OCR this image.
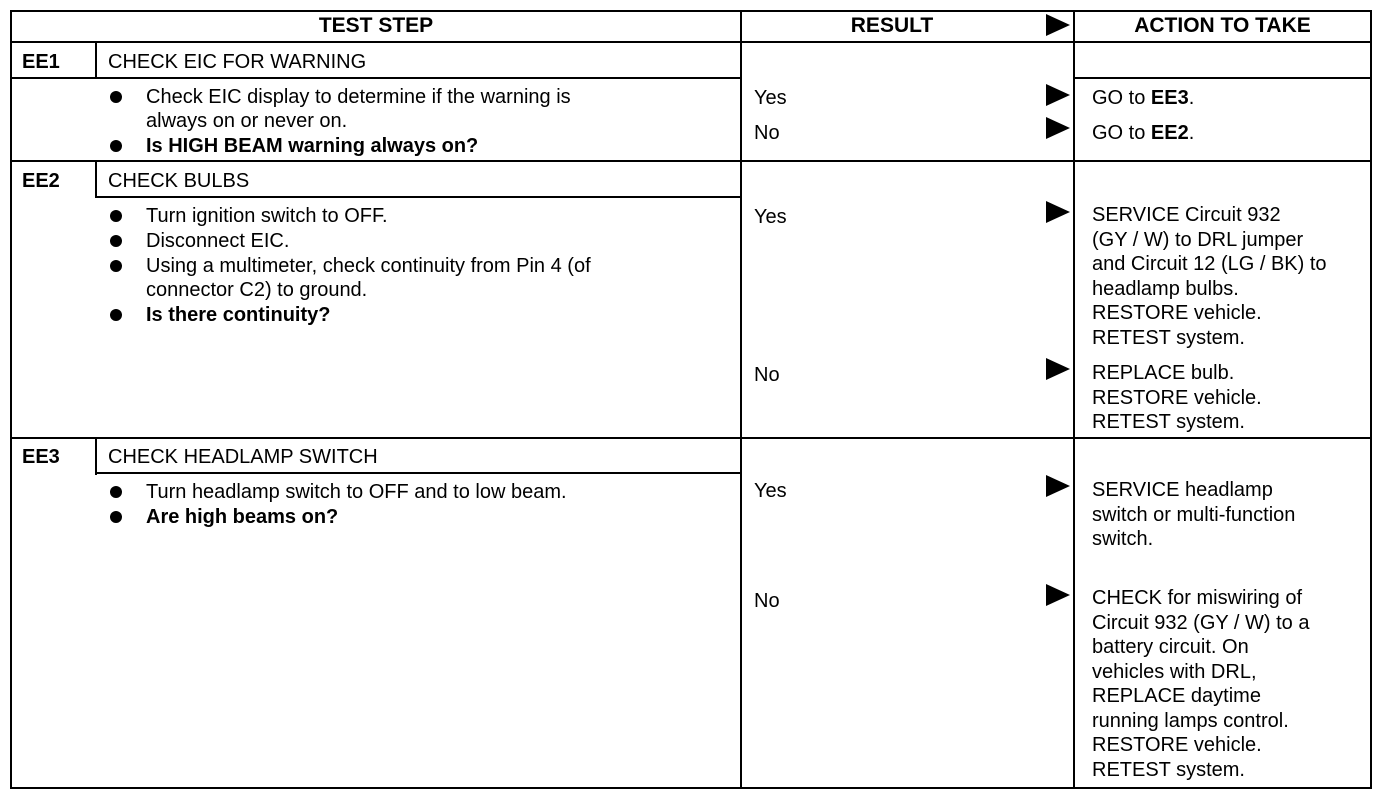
TEST STEP	RESULT	ACTION TO TAKE
EE1 CHECK EIC FOR WARNING
Check EIC display to determine if the warning is
always on or never on.
Is HIGH BEAM warning always on?
Yes
No
GO to EE3.
GO to EE2.
EE2 CHECK BULBS
Turn ignition switch to OFF.
Disconnect EIC.
Using a multimeter, check continuity from Pin 4 (of
connector C2) to ground.
Is there continuity?
Yes
No
SERVICE Circuit 932
(GY / W) to DRL jumper
and Circuit 12 (LG / BK) to
headlamp bulbs.
RESTORE vehicle.
RETEST system.
REPLACE bulb.
RESTORE vehicle.
RETEST system.
EE3 CHECK HEADLAMP SWITCH
Turn headlamp switch to OFF and to low beam.
Are high beams on?
Yes
No
SERVICE headlamp
switch or multi-function
switch.
CHECK for miswiring of
Circuit 932 (GY / W) to a
battery circuit. On
vehicles with DRL,
REPLACE daytime
running lamps control.
RESTORE vehicle.
RETEST system.
